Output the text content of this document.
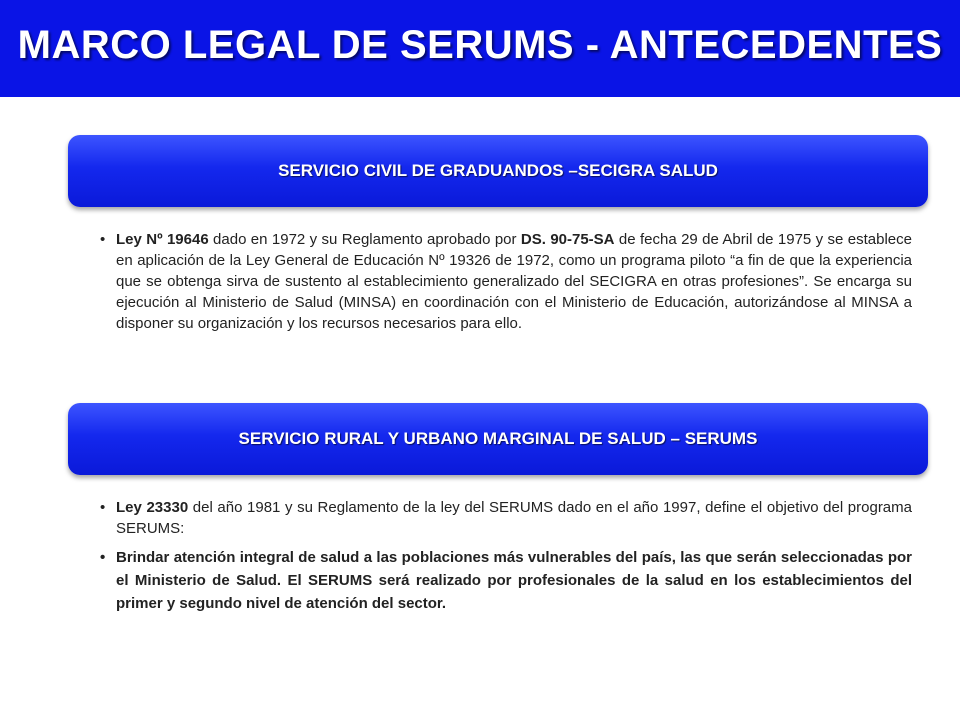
MARCO LEGAL DE SERUMS - ANTECEDENTES
SERVICIO CIVIL DE GRADUANDOS –SECIGRA SALUD
• Ley Nº 19646 dado en 1972 y su Reglamento aprobado por DS. 90-75-SA de fecha 29 de Abril de 1975 y se establece en aplicación de la Ley General de Educación Nº 19326 de 1972, como un programa piloto “a fin de que la experiencia que se obtenga sirva de sustento al establecimiento generalizado del SECIGRA en otras profesiones”. Se encarga su ejecución al Ministerio de Salud (MINSA) en coordinación con el Ministerio de Educación, autorizándose al MINSA a disponer su organización y los recursos necesarios para ello.
SERVICIO RURAL Y URBANO MARGINAL DE SALUD – SERUMS
• Ley 23330 del año 1981 y su Reglamento de la ley del SERUMS dado en el año 1997, define el objetivo del programa SERUMS:
• Brindar atención integral de salud a las poblaciones más vulnerables del país, las que serán seleccionadas por el Ministerio de Salud. El SERUMS será realizado por profesionales de la salud en los establecimientos del primer y segundo nivel de atención del sector.
